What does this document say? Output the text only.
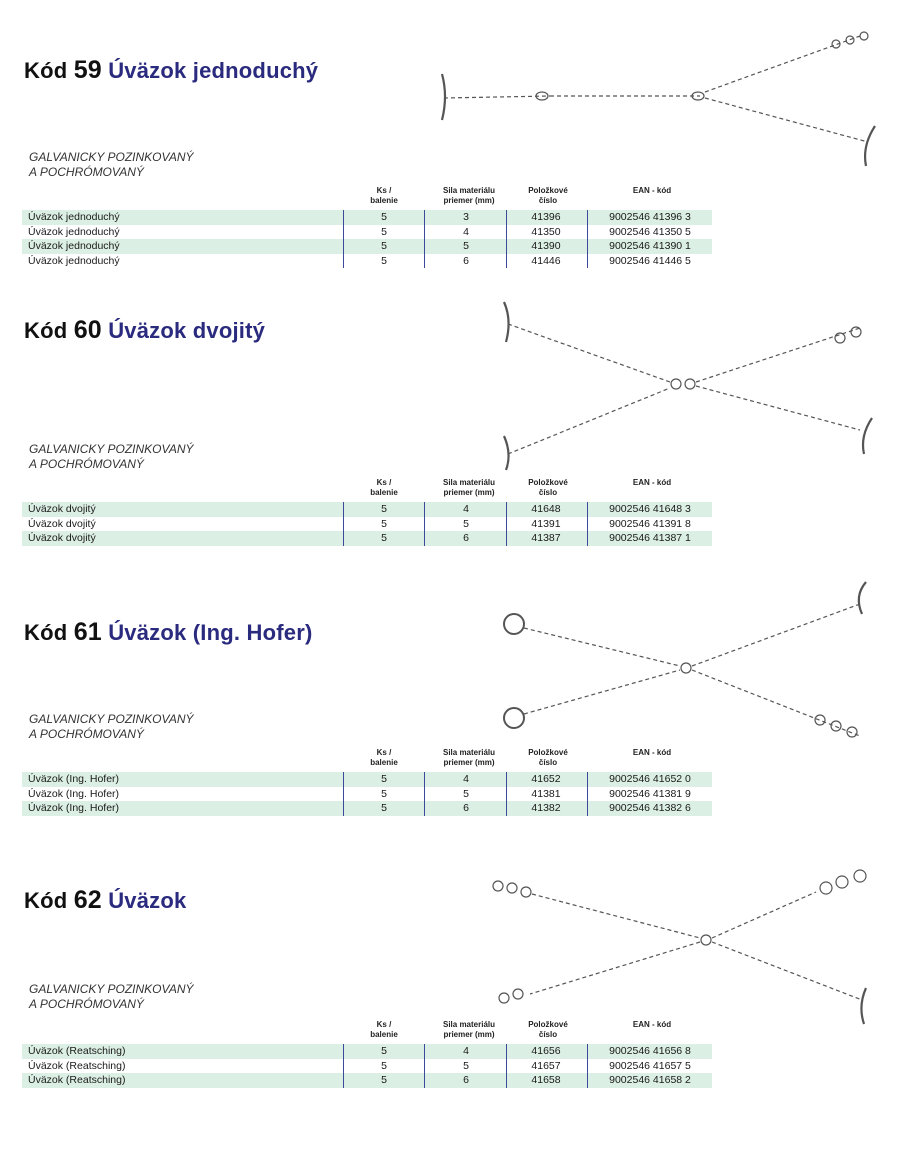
Kód 59 Úväzok jednoduchý
GALVANICKY POZINKOVANÝ
A POCHRÓMOVANÝ
Ks /
balenie
Sila materiálu
priemer (mm)
Položkové
číslo
EAN - kód
Úväzok jednoduchý	5	3	41396	9002546 41396 3
Úväzok jednoduchý	5	4	41350	9002546 41350 5
Úväzok jednoduchý	5	5	41390	9002546 41390 1
Úväzok jednoduchý	5	6	41446	9002546 41446 5
Kód 60 Úväzok dvojitý
GALVANICKY POZINKOVANÝ
A POCHRÓMOVANÝ
Ks /
balenie
Sila materiálu
priemer (mm)
Položkové
číslo
EAN - kód
Úväzok dvojitý	5	4	41648	9002546 41648 3
Úväzok dvojitý	5	5	41391	9002546 41391 8
Úväzok dvojitý	5	6	41387	9002546 41387 1
Kód 61 Úväzok (Ing. Hofer)
GALVANICKY POZINKOVANÝ
A POCHRÓMOVANÝ
Ks /
balenie
Sila materiálu
priemer (mm)
Položkové
číslo
EAN - kód
Úväzok (Ing. Hofer)	5	4	41652	9002546 41652 0
Úväzok (Ing. Hofer)	5	5	41381	9002546 41381 9
Úväzok (Ing. Hofer)	5	6	41382	9002546 41382 6
Kód 62 Úväzok
GALVANICKY POZINKOVANÝ
A POCHRÓMOVANÝ
Ks /
balenie
Sila materiálu
priemer (mm)
Položkové
číslo
EAN - kód
Úväzok (Reatsching)	5	4	41656	9002546 41656 8
Úväzok (Reatsching)	5	5	41657	9002546 41657 5
Úväzok (Reatsching)	5	6	41658	9002546 41658 2
